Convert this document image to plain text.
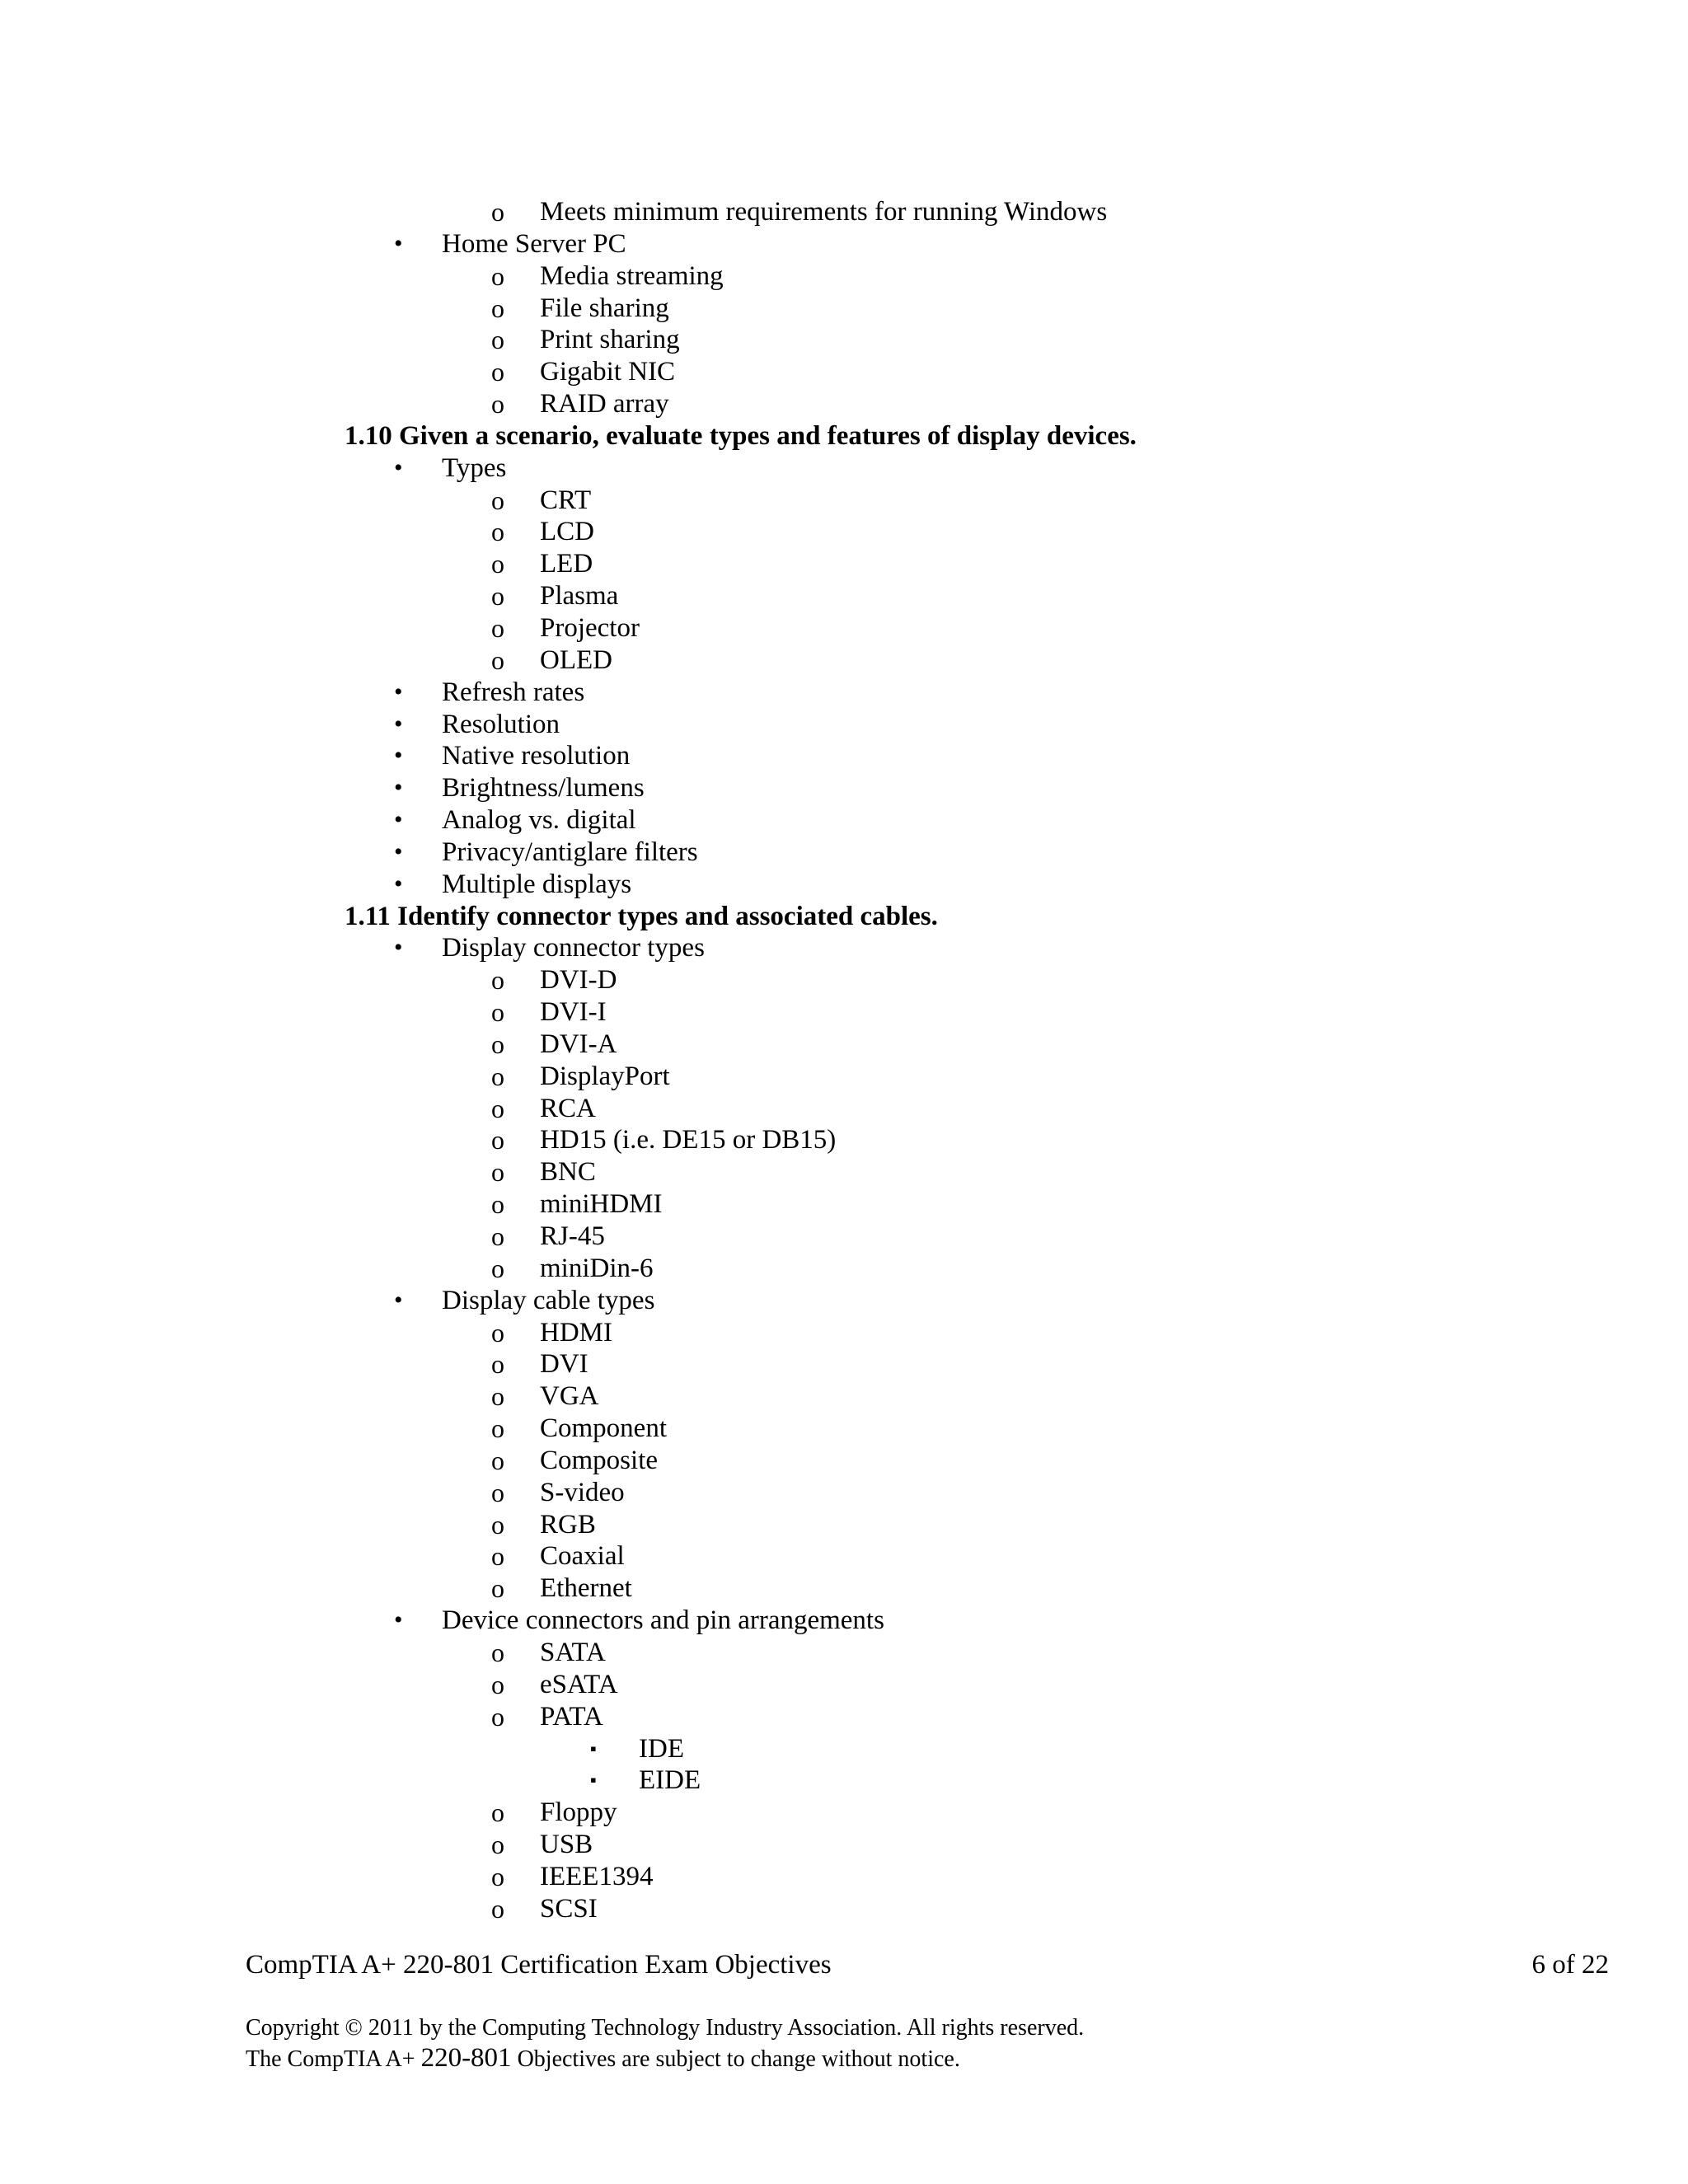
o Meets minimum requirements for running Windows
• Home Server PC
o Media streaming
o File sharing
o Print sharing
o Gigabit NIC
o RAID array
1.10 Given a scenario, evaluate types and features of display devices.
• Types
o CRT
o LCD
o LED
o Plasma
o Projector
o OLED
• Refresh rates
• Resolution
• Native resolution
• Brightness/lumens
• Analog vs. digital
• Privacy/antiglare filters
• Multiple displays
1.11 Identify connector types and associated cables.
• Display connector types
o DVI-D
o DVI-I
o DVI-A
o DisplayPort
o RCA
o HD15 (i.e. DE15 or DB15)
o BNC
o miniHDMI
o RJ-45
o miniDin-6
• Display cable types
o HDMI
o DVI
o VGA
o Component
o Composite
o S-video
o RGB
o Coaxial
o Ethernet
• Device connectors and pin arrangements
o SATA
o eSATA
o PATA
▪ IDE
▪ EIDE
o Floppy
o USB
o IEEE1394
o SCSI
CompTIA A+ 220-801 Certification Exam Objectives	6 of 22
Copyright © 2011 by the Computing Technology Industry Association. All rights reserved.
The CompTIA A+ 220-801 Objectives are subject to change without notice.
